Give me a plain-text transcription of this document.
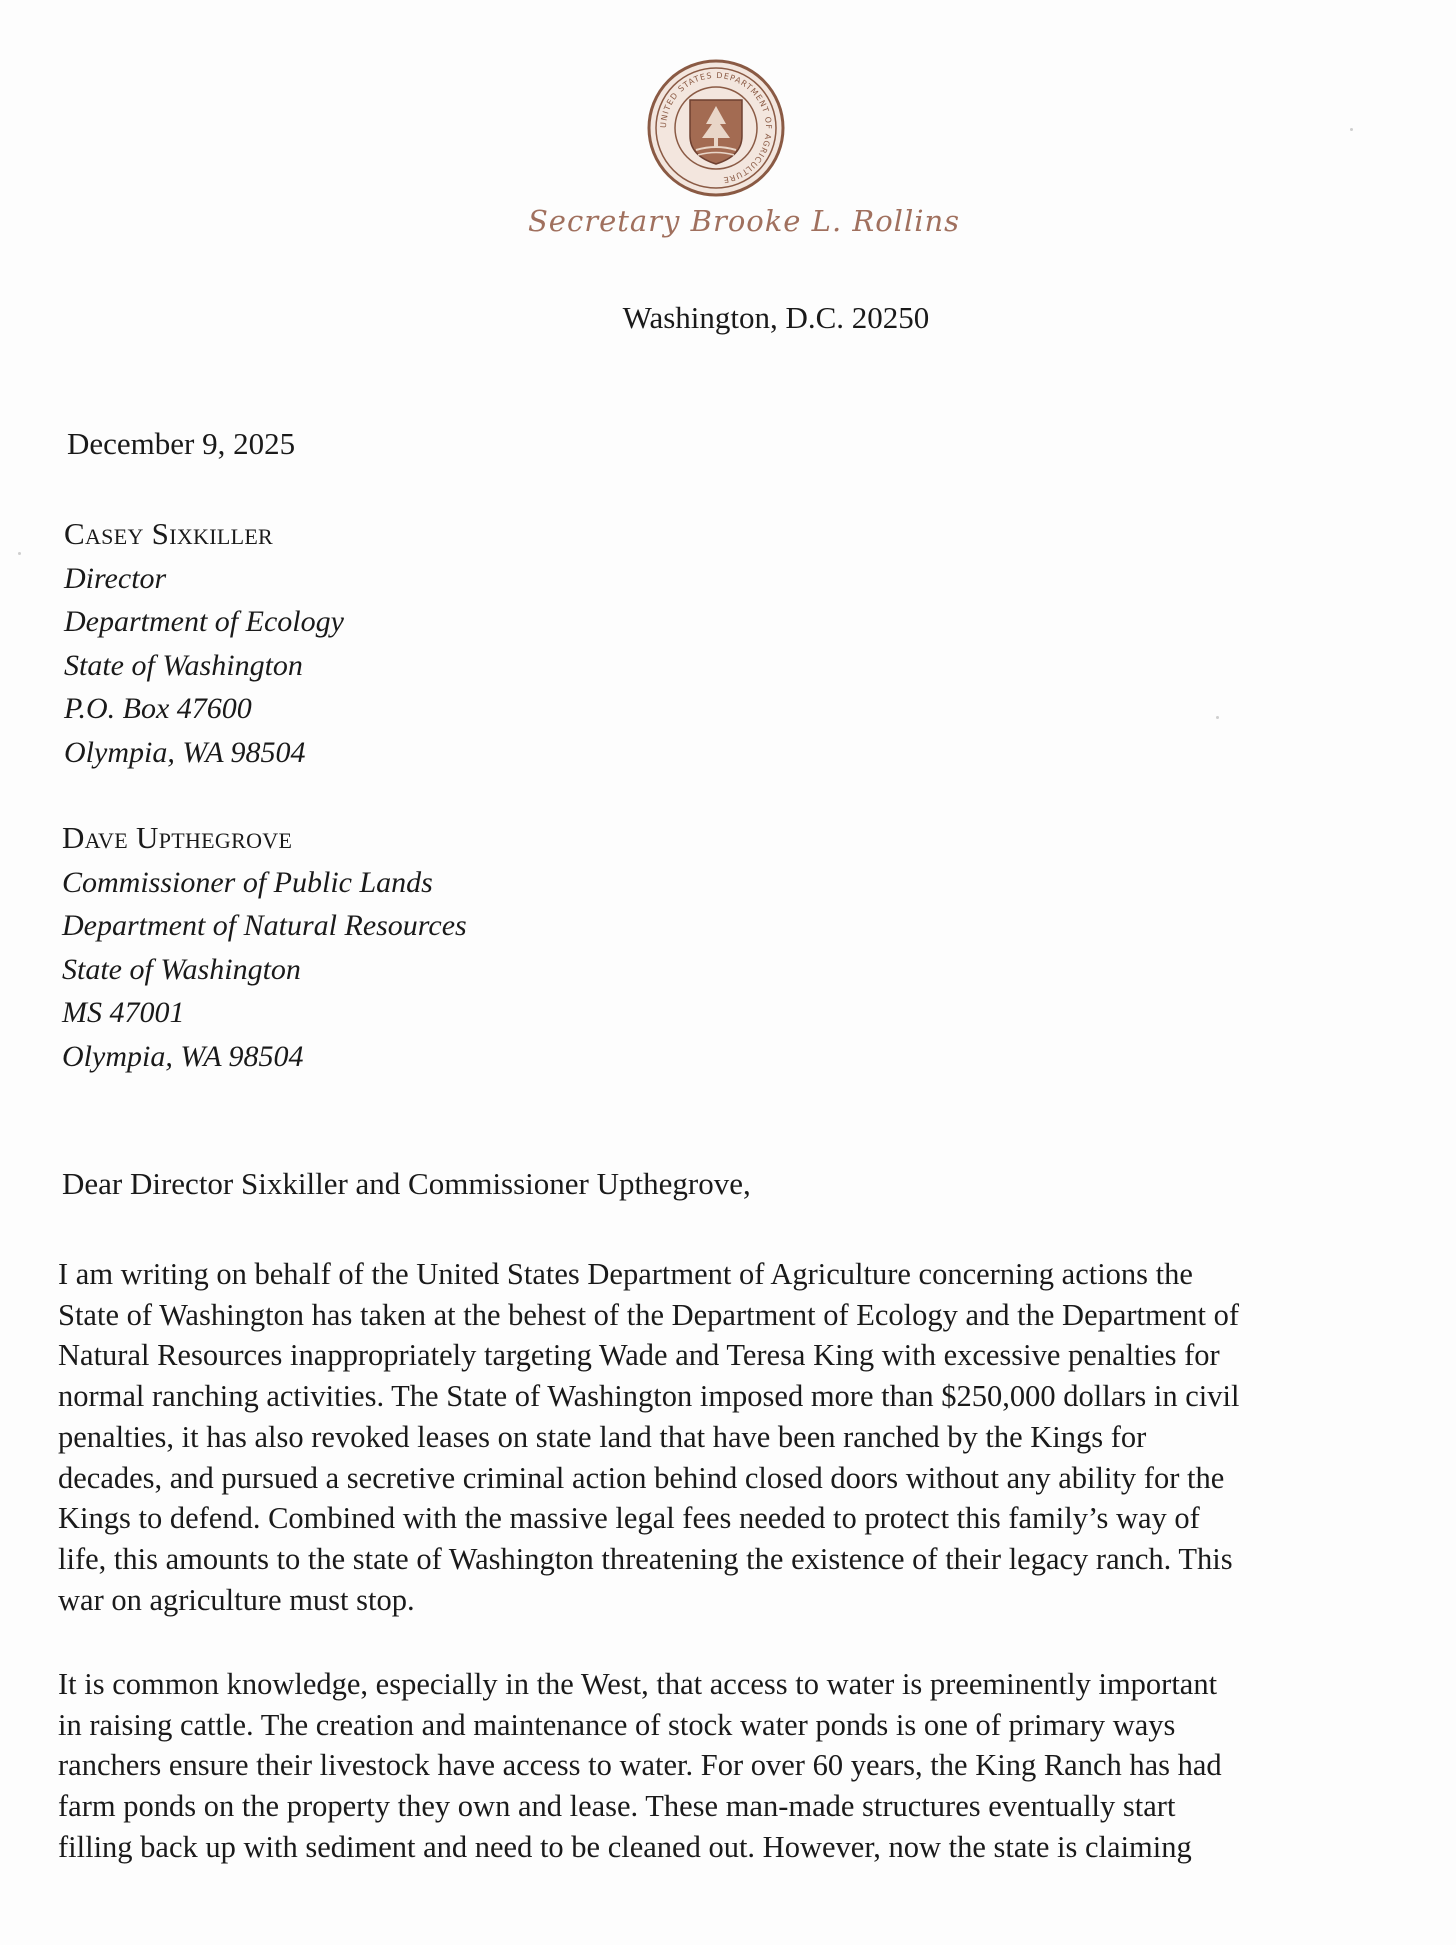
UNITED STATES DEPARTMENT OF AGRICULTURE
Secretary Brooke L. Rollins
Washington, D.C. 20250
December 9, 2025
Casey Sixkiller
Director
Department of Ecology
State of Washington
P.O. Box 47600
Olympia, WA 98504
Dave Upthegrove
Commissioner of Public Lands
Department of Natural Resources
State of Washington
MS 47001
Olympia, WA 98504
Dear Director Sixkiller and Commissioner Upthegrove,
I am writing on behalf of the United States Department of Agriculture concerning actions the
State of Washington has taken at the behest of the Department of Ecology and the Department of
Natural Resources inappropriately targeting Wade and Teresa King with excessive penalties for
normal ranching activities. The State of Washington imposed more than $250,000 dollars in civil
penalties, it has also revoked leases on state land that have been ranched by the Kings for
decades, and pursued a secretive criminal action behind closed doors without any ability for the
Kings to defend. Combined with the massive legal fees needed to protect this family’s way of
life, this amounts to the state of Washington threatening the existence of their legacy ranch. This
war on agriculture must stop.
It is common knowledge, especially in the West, that access to water is preeminently important
in raising cattle. The creation and maintenance of stock water ponds is one of primary ways
ranchers ensure their livestock have access to water. For over 60 years, the King Ranch has had
farm ponds on the property they own and lease. These man-made structures eventually start
filling back up with sediment and need to be cleaned out. However, now the state is claiming
